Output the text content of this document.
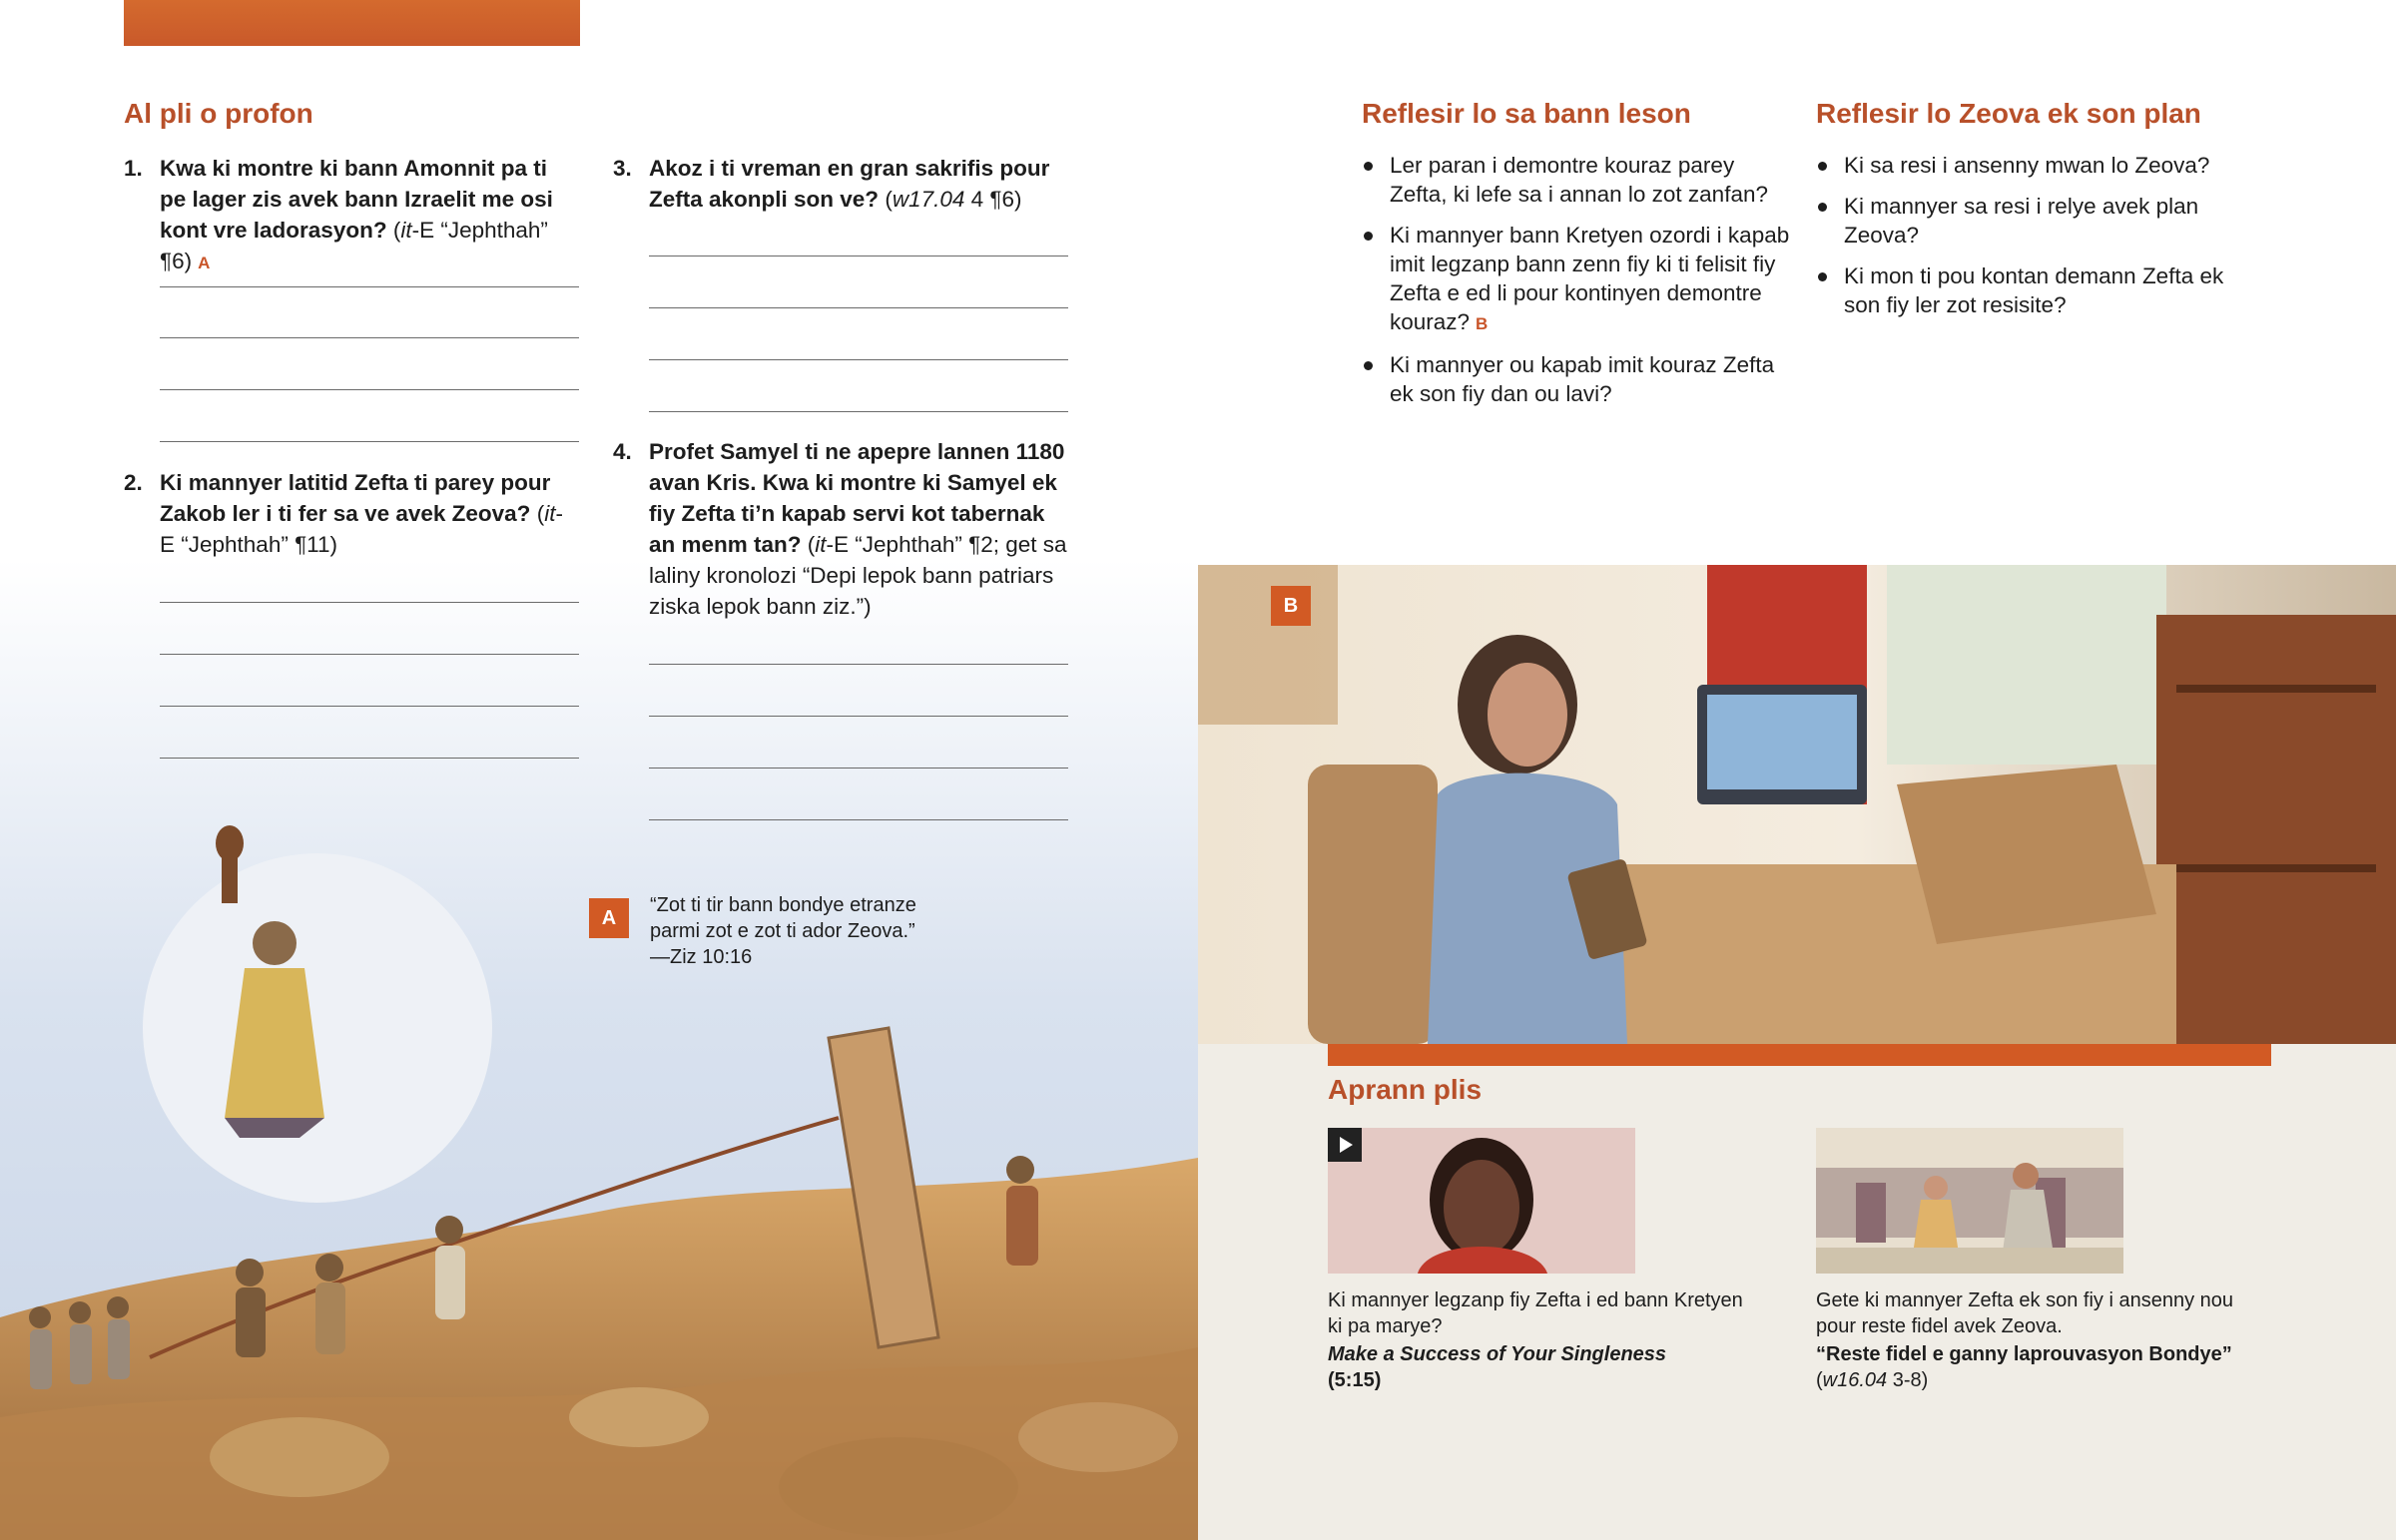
Al pli o profon
1. Kwa ki montre ki bann Amonnit pa ti pe lager zis avek bann Izraelit me osi kont vre ladorasyon? (it-E “Jephthah” ¶6) A
2. Ki mannyer latitid Zefta ti parey pour Zakob ler i ti fer sa ve avek Zeova? (it-E “Jephthah” ¶11)
3. Akoz i ti vreman en gran sakrifis pour Zefta akonpli son ve? (w17.04 4 ¶6)
4. Profet Samyel ti ne apepre lannen 1180 avan Kris. Kwa ki montre ki Samyel ek fiy Zefta ti’n kapab servi kot tabernak an menm tan? (it-E “Jephthah” ¶2; get sa laliny kronolozi “Depi lepok bann patriars ziska lepok bann ziz.”)
A
“Zot ti tir bann bondye etranze parmi zot e zot ti ador Zeova.”
—Ziz 10:16
Reflesir lo sa bann leson
Ler paran i demontre kouraz parey Zefta, ki lefe sa i annan lo zot zanfan?
Ki mannyer bann Kretyen ozordi i kapab imit legzanp bann zenn fiy ki ti felisit fiy Zefta e ed li pour kontinyen demontre kouraz? B
Ki mannyer ou kapab imit kouraz Zefta ek son fiy dan ou lavi?
Reflesir lo Zeova ek son plan
Ki sa resi i ansenny mwan lo Zeova?
Ki mannyer sa resi i relye avek plan Zeova?
Ki mon ti pou kontan demann Zefta ek son fiy ler zot resisite?
B
Aprann plis
Ki mannyer legzanp fiy Zefta i ed bann Kretyen ki pa marye?
Make a Success of Your Singleness
(5:15)
Gete ki mannyer Zefta ek son fiy i ansenny nou pour reste fidel avek Zeova.
“Reste fidel e ganny laprouvasyon Bondye”
(w16.04 3-8)
